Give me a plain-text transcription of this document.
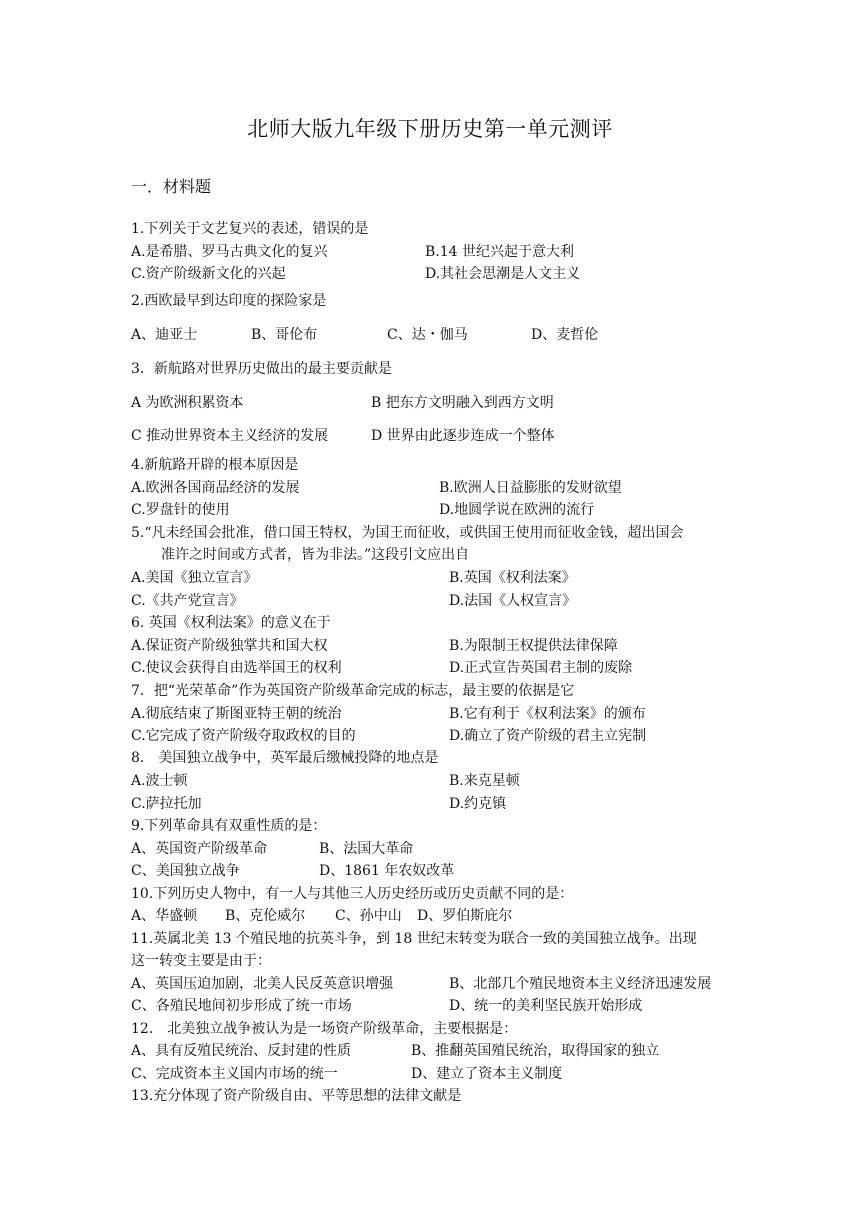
北师大版九年级下册历史第一单元测评
一．材料题
1.下列关于文艺复兴的表述，错误的是
A.是希腊、罗马古典文化的复兴	B.14 世纪兴起于意大利
C.资产阶级新文化的兴起	D.其社会思潮是人文主义
2.西欧最早到达印度的探险家是
A、迪亚士	B、哥伦布	C、达・伽马	D、麦哲伦
3．新航路对世界历史做出的最主要贡献是
A 为欧洲积累资本	B 把东方文明融入到西方文明
C 推动世界资本主义经济的发展	D 世界由此逐步连成一个整体
4.新航路开辟的根本原因是
A.欧洲各国商品经济的发展	B.欧洲人日益膨胀的发财欲望
C.罗盘针的使用	D.地圆学说在欧洲的流行
5.“凡未经国会批准，借口国王特权，为国王而征收，或供国王使用而征收金钱，超出国会
准许之时间或方式者，皆为非法。”这段引文应出自
A.美国《独立宣言》	B.英国《权利法案》
C.《共产党宣言》	D.法国《人权宣言》
6. 英国《权利法案》的意义在于
A.保证资产阶级独掌共和国大权	B.为限制王权提供法律保障
C.使议会获得自由选举国王的权利	D.正式宣告英国君主制的废除
7．把“光荣革命”作为英国资产阶级革命完成的标志，最主要的依据是它
A.彻底结束了斯图亚特王朝的统治	B.它有利于《权利法案》的颁布
C.它完成了资产阶级夺取政权的目的	D.确立了资产阶级的君主立宪制
8． 美国独立战争中，英军最后缴械投降的地点是
A.波士顿	B.来克星顿
C.萨拉托加	D.约克镇
9.下列革命具有双重性质的是：
A、英国资产阶级革命	B、法国大革命
C、美国独立战争	D、1861 年农奴改革
10.下列历史人物中，有一人与其他三人历史经历或历史贡献不同的是：
A、华盛顿 B、克伦威尔 C、孙中山 D、罗伯斯庇尔
11.英属北美 13 个殖民地的抗英斗争，到 18 世纪末转变为联合一致的美国独立战争。出现
这一转变主要是由于：
A、英国压迫加剧，北美人民反英意识增强	B、北部几个殖民地资本主义经济迅速发展
C、各殖民地间初步形成了统一市场	D、统一的美利坚民族开始形成
12． 北美独立战争被认为是一场资产阶级革命，主要根据是：
A、具有反殖民统治、反封建的性质	B、推翻英国殖民统治，取得国家的独立
C、完成资本主义国内市场的统一	D、建立了资本主义制度
13.充分体现了资产阶级自由、平等思想的法律文献是
